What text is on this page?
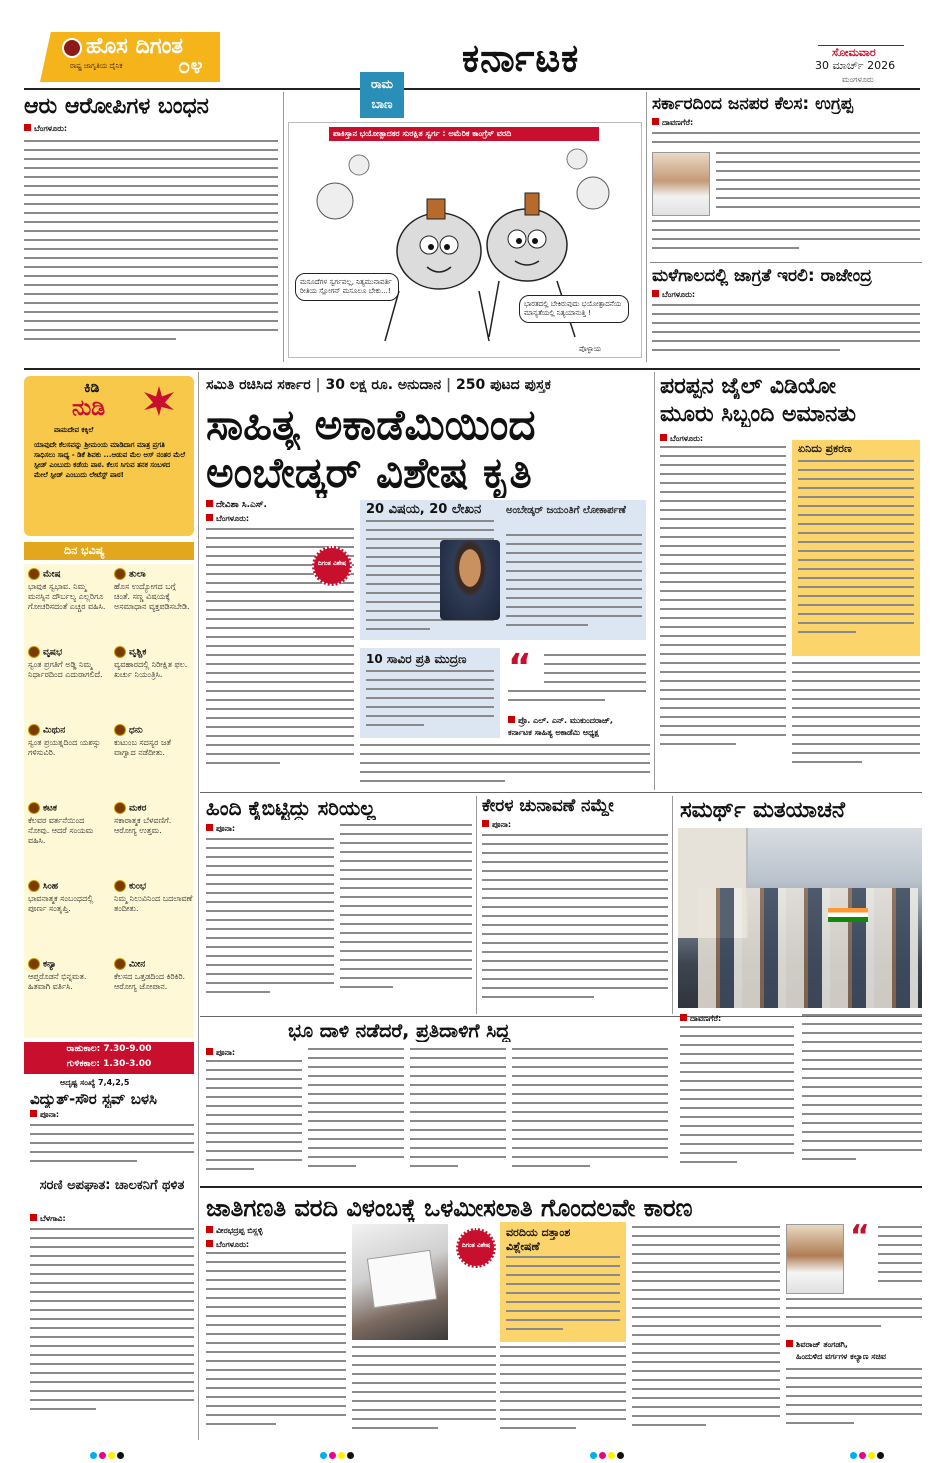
ಹೊಸ ದಿಗಂತ
ರಾಷ್ಟ್ರ ಜಾಗೃತಿಯ ದೈನಿಕ	೦೪	ಕರ್ನಾಟಕ	ಸೋಮವಾರ
30 ಮಾರ್ಚ್ 2026
ಮಂಗಳೂರು
ಆರು ಆರೋಪಿಗಳ ಬಂಧನ
ಬೆಂಗಳೂರು:
ರಾಮ
ಬಾಣ
ಪಾಕಿಸ್ತಾನ ಭಯೋತ್ಪಾದಕರ ಸುರಕ್ಷಿತ ಸ್ವರ್ಗ : ಅಮೆರಿಕ ಕಾಂಗ್ರೆಸ್ ವರದಿ
ಮಸೂದೆಗಳ ಸ್ವರ್ಗವಲ್ಲ, ನಿತ್ಯಮುನಾವರ್ತಿ ರೀತಿಯ ಸ್ಲೋಗನ್ ಮಸೂಲೂ ಬೇಕು...!
ಭಾರತದಲ್ಲಿ ಬೇಕಿರುವುದು ಭಯೋತ್ಪಾದನೆಯ ಮಾನ್ಯತೆಯಲ್ಲಿ ನಿತ್ಯಯಾನುತ್ತಿ !
ಪೊಳ್ಳಾಯ
ಸರ್ಕಾರದಿಂದ ಜನಪರ ಕೆಲಸ: ಉಗ್ರಪ್ಪ
ದಾವಣಗೆರೆ:
ಮಳೆಗಾಲದಲ್ಲಿ ಜಾಗ್ರತೆ ಇರಲಿ: ರಾಜೇಂದ್ರ
ಬೆಂಗಳೂರು:
ಕಿಡಿ
ನುಡಿ
ವಾಮದೇವ ಕಕ್ಕಿಲೆ
ಯಾವುದೇ ಕೆಲಸವನ್ನು ಶ್ರೀಮಂಯ ಮಾಡಿದಾಗ ಮಾತ್ರ ಪ್ರಗತಿ ಸಾಧಿಸಲು ಸಾಧ್ಯ - ಡಿಕೆ ಶಿವಕು ...ಆಡುವ ಮೆಲ ಆಸ್ ನಂತರ ಮೆಲೆ ಸ್ಪೀಡ್ ಎಂಬುದು ಕಡೆಯ ಪಾಠ. ಕೆಲಸ ಸಿಗುವ ತನಕ ಸಂಬಳದ ಮೇಲೆ ಸ್ಪೀಡ್ ಎಂಬುದು ಲೇಟೆಸ್ಟ್ ಪಾಠ!
ದಿನ ಭವಿಷ್ಯ
ಮೇಷ
ಭಾವುಕ ಸ್ವಭಾವ. ನಿಮ್ಮ ಮನಸ್ಸಿನ ದೌರ್ಬಲ್ಯ ಎಲ್ಲರಿಗೂ ಗೋಚರಿಸದಂತೆ ಎಚ್ಚರ ವಹಿಸಿ.
ತುಲಾ
ಹೊಸ ಉದ್ಯೋಗದ ಬಗ್ಗೆ ಚಿಂತೆ. ಸಣ್ಣ ವಿಷಯಕ್ಕೆ ಅಸಮಾಧಾನ ವ್ಯಕ್ತಪಡಿಸಬೇಡಿ.
ವೃಷಭ
ಸ್ವಂತ ಪ್ರಗತಿಗೆ ಅಡ್ಡಿ ನಿಮ್ಮ ನಿರ್ಧಾರದಿಂದ ಎದುರಾಗಲಿದೆ.
ವೃಶ್ಚಿಕ
ವ್ಯವಹಾರದಲ್ಲಿ ನಿರೀಕ್ಷಿತ ಫಲ. ಖರ್ಚು ನಿಯಂತ್ರಿಸಿ.
ಮಿಥುನ
ಸ್ವಂತ ಪ್ರಯತ್ನದಿಂದ ಯಶಸ್ಸು ಗಳಿಸುವಿರಿ.
ಧನು
ಕುಟುಂಬ ಸದಸ್ಯರ ಜತೆ ವಾಗ್ವಾದ ನಡೆದೀತು.
ಕಟಕ
ಕೆಲವರ ವರ್ತನೆಯಿಂದ ನೋವು. ಆದರೆ ಸಂಯಮ ವಹಿಸಿ.
ಮಕರ
ಸಕಾರಾತ್ಮಕ ಬೆಳವಣಿಗೆ. ಆರೋಗ್ಯ ಉತ್ತಮ.
ಸಿಂಹ
ಭಾವನಾತ್ಮಕ ಸಂಬಂಧದಲ್ಲಿ ಪೂರ್ಣ ಸಂತೃಪ್ತಿ.
ಕುಂಭ
ನಿಮ್ಮ ನಿಲುವಿನಿಂದ ಬದಲಾವಣೆ ತಂದೀತು.
ಕನ್ಯಾ
ಆಪ್ತರೊಡನೆ ಭಿನ್ನಮತ. ಹಿತವಾಗಿ ವರ್ತಿಸಿ.
ಮೀನ
ಕೆಲಸದ ಒತ್ತಡದಿಂದ ಕಿರಿಕಿರಿ. ಆರೋಗ್ಯ ಜೋಪಾನ.
ರಾಹುಕಾಲ: 7.30-9.00
ಗುಳಿಕಕಾಲ: 1.30-3.00
ಅದೃಷ್ಟ ಸಂಖ್ಯೆ 7,4,2,5
ವಿದ್ಯುತ್-ಸೌರ ಸ್ಟವ್ ಬಳಸಿ
ಪೂನಾ:
ಸರಣಿ ಅಪಘಾತ: ಚಾಲಕನಿಗೆ ಥಳಿತ
ಬೆಳಗಾವಿ:
ಸಮಿತಿ ರಚಿಸಿದ ಸರ್ಕಾರ | 30 ಲಕ್ಷ ರೂ. ಅನುದಾನ | 250 ಪುಟದ ಪುಸ್ತಕ
ಸಾಹಿತ್ಯ ಅಕಾಡೆಮಿಯಿಂದ
ಅಂಬೇಡ್ಕರ್ ವಿಶೇಷ ಕೃತಿ
ದೇವಿಶಾ ಸಿ.ಎಸ್.
ಬೆಂಗಳೂರು:
ದಿಗಂತ ವಿಶೇಷ
20 ವಿಷಯ, 20 ಲೇಖನ ಅಂಬೇಡ್ಕರ್ ಜಯಂತಿಗೆ ಲೋಕಾರ್ಪಣೆ
10 ಸಾವಿರ ಪ್ರತಿ ಮುದ್ರಣ “
ಪ್ರೊ. ಎಲ್. ಎನ್. ಮುಕುಂದರಾಜ್,
ಕರ್ನಾಟಕ ಸಾಹಿತ್ಯ ಅಕಾಡೆಮಿ ಅಧ್ಯಕ್ಷ
ಪರಪ್ಪನ ಜೈಲ್ ವಿಡಿಯೋ
ಮೂರು ಸಿಬ್ಬಂದಿ ಅಮಾನತು
ಬೆಂಗಳೂರು:
ಏನಿದು ಪ್ರಕರಣ
ಹಿಂದಿ ಕೈಬಿಟ್ಟಿದ್ದು ಸರಿಯಲ್ಲ
ಪೂನಾ:
ಕೇರಳ ಚುನಾವಣೆ ನಮ್ದೇ
ಪೂನಾ:
ಸಮರ್ಥ್ ಮತಯಾಚನೆ
ಭೂ ದಾಳಿ ನಡೆದರೆ, ಪ್ರತಿದಾಳಿಗೆ ಸಿದ್ಧ
ಪೂನಾ:
ದಾವಣಗೆರೆ:
ಜಾತಿಗಣತಿ ವರದಿ ವಿಳಂಬಕ್ಕೆ ಒಳಮೀಸಲಾತಿ ಗೊಂದಲವೇ ಕಾರಣ
ವೀರಭದ್ರಪ್ಪ ಬಿಸ್ಲಳ್ಳಿ
ಬೆಂಗಳೂರು:	ದಿಗಂತ ವಿಶೇಷ
ವರದಿಯ ದತ್ತಾಂಶ
ವಿಶ್ಲೇಷಣೆ	“
ಶಿವರಾಜ್ ತಂಗಡಗಿ,
ಹಿಂದುಳಿದ ವರ್ಗಗಳ ಕಲ್ಯಾಣ ಸಚಿವ
